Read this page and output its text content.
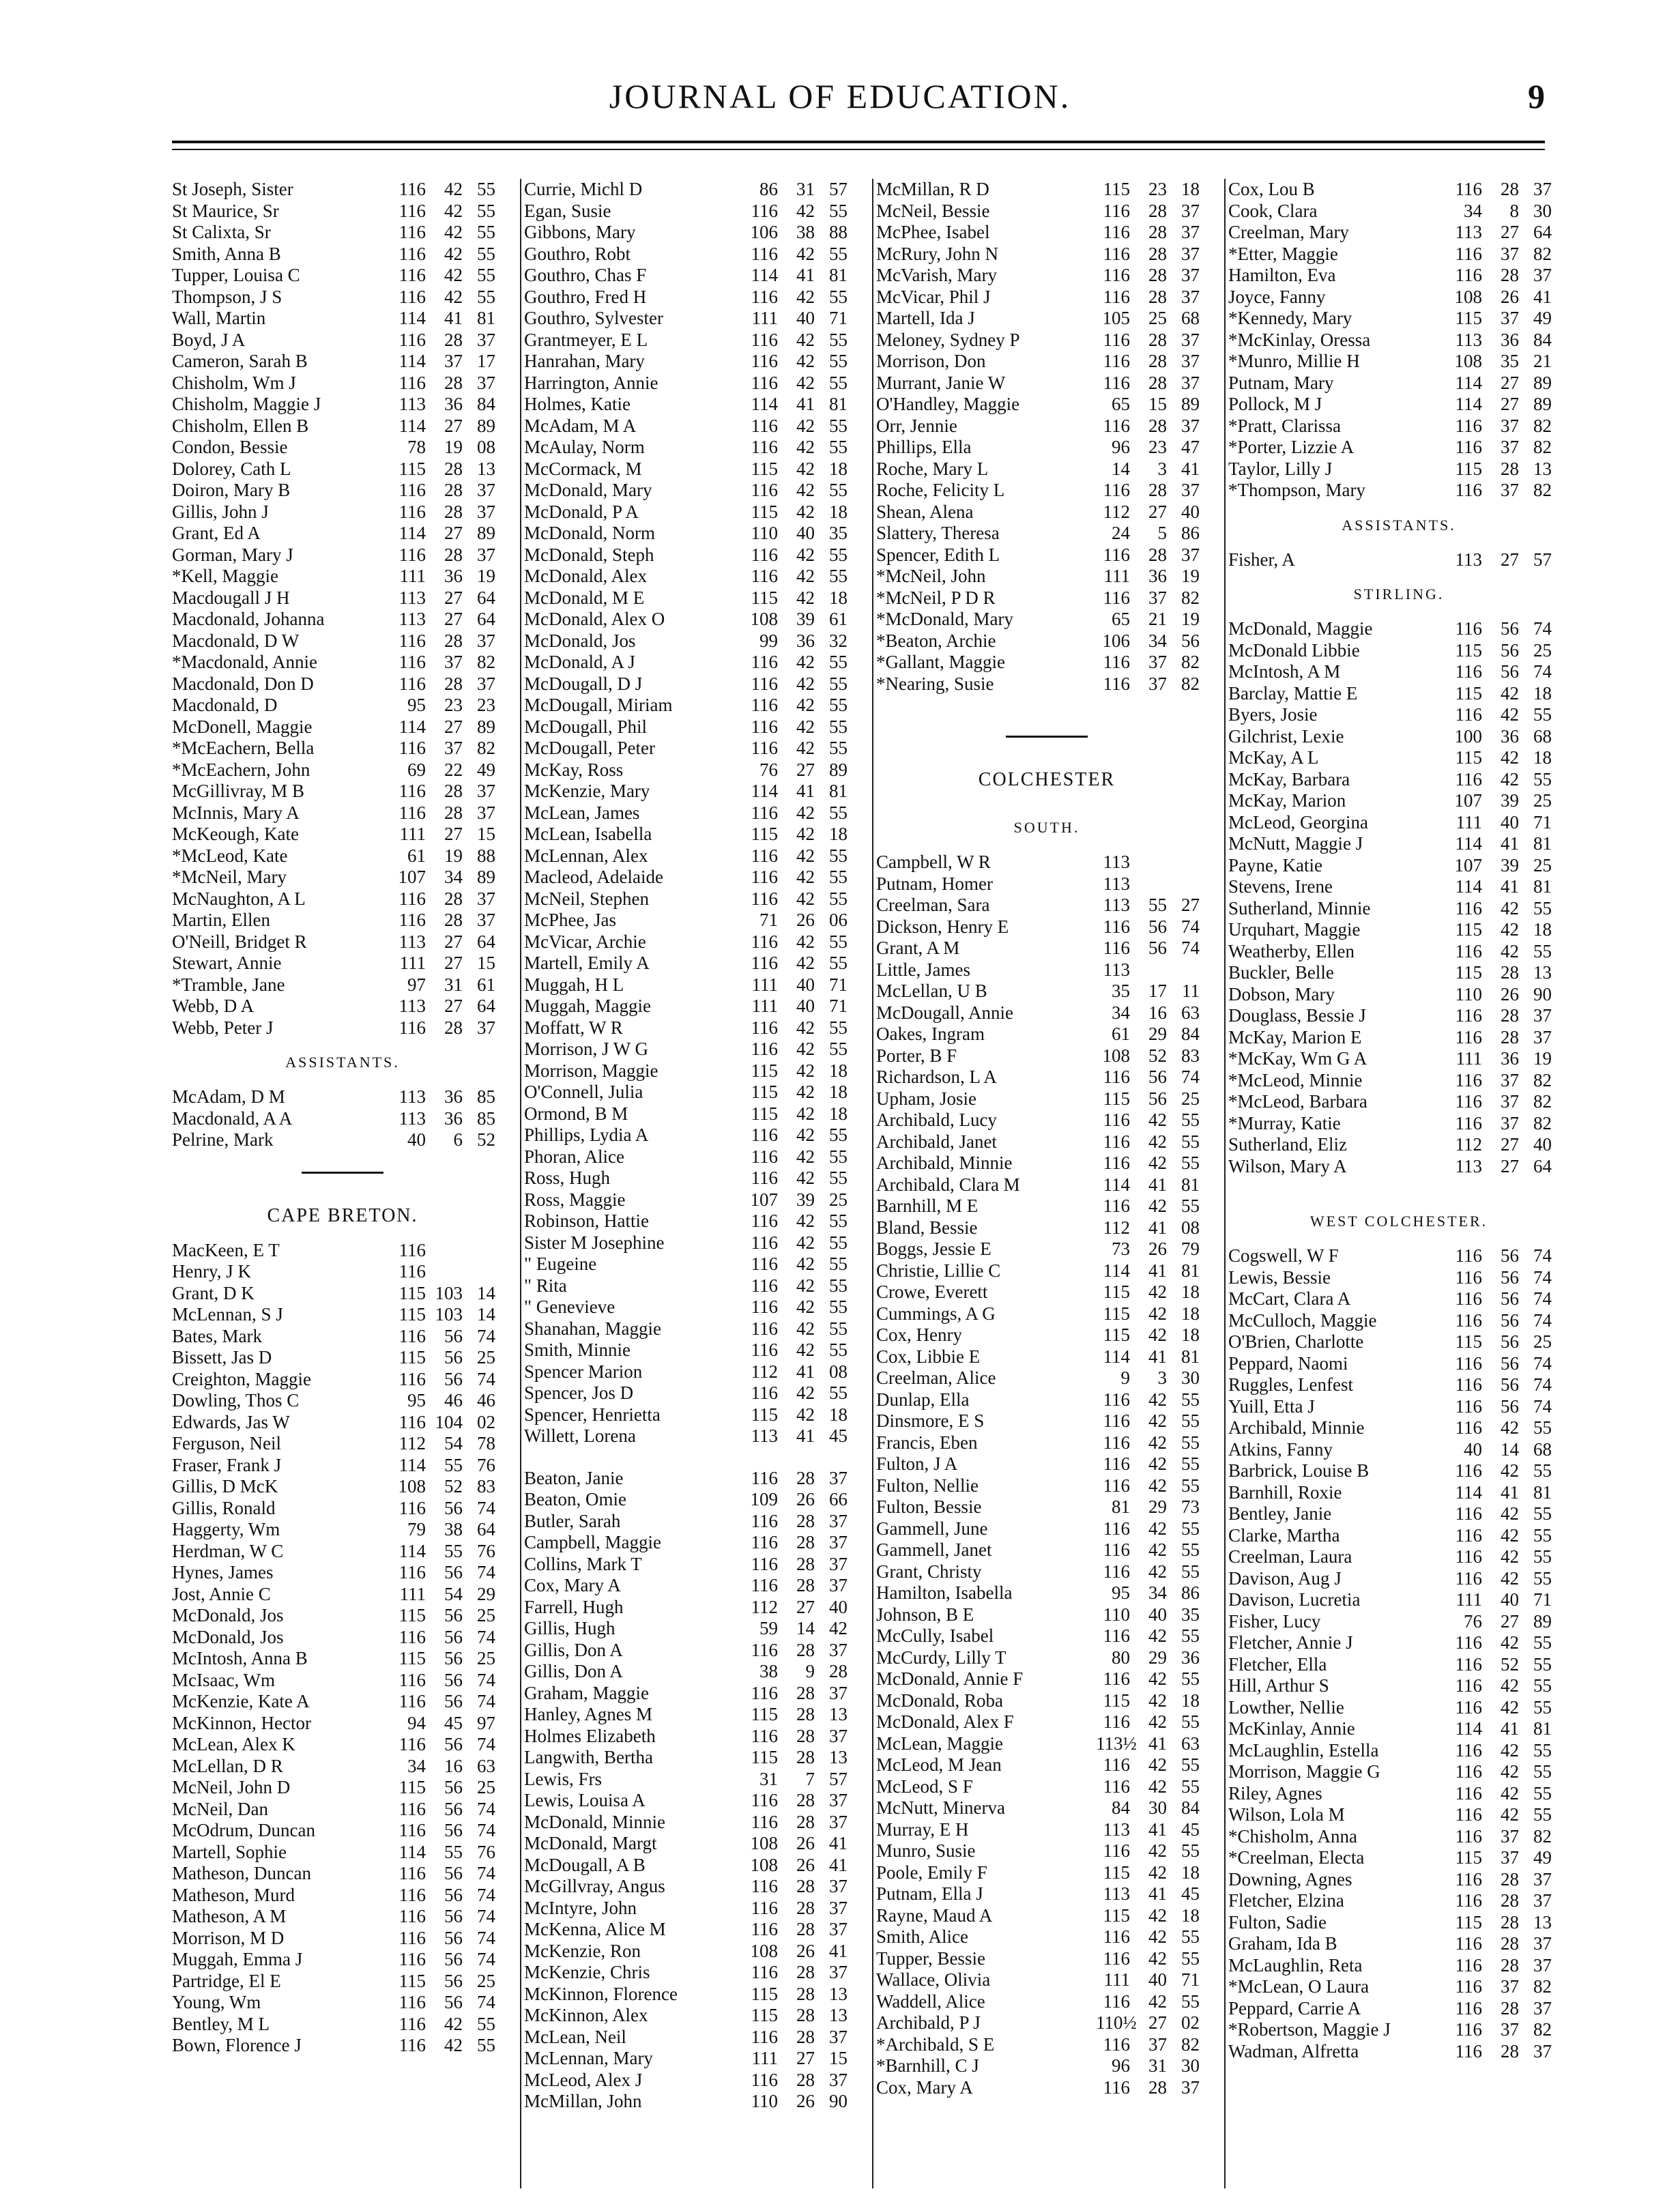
JOURNAL OF EDUCATION.	9
St Joseph, Sister	116	42 55
St Maurice, Sr	116	42 55
St Calixta, Sr	116	42 55
Smith, Anna B	116	42 55
Tupper, Louisa C	116	42 55
Thompson, J S	116	42 55
Wall, Martin	114	41 81
Boyd, J A	116	28 37
Cameron, Sarah B	114	37 17
Chisholm, Wm J	116	28 37
Chisholm, Maggie J	113	36 84
Chisholm, Ellen B	114	27 89
Condon, Bessie	78	19 08
Dolorey, Cath L	115	28 13
Doiron, Mary B	116	28 37
Gillis, John J	116	28 37
Grant, Ed A	114	27 89
Gorman, Mary J	116	28 37
*Kell, Maggie	111	36 19
Macdougall J H	113	27 64
Macdonald, Johanna	113	27 64
Macdonald, D W	116	28 37
*Macdonald, Annie	116	37 82
Macdonald, Don D	116	28 37
Macdonald, D	95	23 23
McDonell, Maggie	114	27 89
*McEachern, Bella	116	37 82
*McEachern, John	69	22 49
McGillivray, M B	116	28 37
McInnis, Mary A	116	28 37
McKeough, Kate	111	27 15
*McLeod, Kate	61	19 88
*McNeil, Mary	107	34 89
McNaughton, A L	116	28 37
Martin, Ellen	116	28 37
O'Neill, Bridget R	113	27 64
Stewart, Annie	111	27 15
*Tramble, Jane	97	31 61
Webb, D A	113	27 64
Webb, Peter J	116	28 37
ASSISTANTS.
McAdam, D M	113	36 85
Macdonald, A A	113	36 85
Pelrine, Mark	40	6 52
CAPE BRETON.
MacKeen, E T	116
Henry, J K	116
Grant, D K	115 103 14
McLennan, S J	115 103 14
Bates, Mark	116	56 74
Bissett, Jas D	115	56 25
Creighton, Maggie	116	56 74
Dowling, Thos C	95	46 46
Edwards, Jas W	116 104 02
Ferguson, Neil	112	54 78
Fraser, Frank J	114	55 76
Gillis, D McK	108	52 83
Gillis, Ronald	116	56 74
Haggerty, Wm	79	38 64
Herdman, W C	114	55 76
Hynes, James	116	56 74
Jost, Annie C	111	54 29
McDonald, Jos	115	56 25
McDonald, Jos	116	56 74
McIntosh, Anna B	115	56 25
McIsaac, Wm	116	56 74
McKenzie, Kate A	116	56 74
McKinnon, Hector	94	45 97
McLean, Alex K	116	56 74
McLellan, D R	34	16 63
McNeil, John D	115	56 25
McNeil, Dan	116	56 74
McOdrum, Duncan	116	56 74
Martell, Sophie	114	55 76
Matheson, Duncan	116	56 74
Matheson, Murd	116	56 74
Matheson, A M	116	56 74
Morrison, M D	116	56 74
Muggah, Emma J	116	56 74
Partridge, El E	115	56 25
Young, Wm	116	56 74
Bentley, M L	116	42 55
Bown, Florence J	116	42 55
Currie, Michl D	86	31 57
Egan, Susie	116	42 55
Gibbons, Mary	106	38 88
Gouthro, Robt	116	42 55
Gouthro, Chas F	114	41 81
Gouthro, Fred H	116	42 55
Gouthro, Sylvester	111	40 71
Grantmeyer, E L	116	42 55
Hanrahan, Mary	116	42 55
Harrington, Annie	116	42 55
Holmes, Katie	114	41 81
McAdam, M A	116	42 55
McAulay, Norm	116	42 55
McCormack, M	115	42 18
McDonald, Mary	116	42 55
McDonald, P A	115	42 18
McDonald, Norm	110	40 35
McDonald, Steph	116	42 55
McDonald, Alex	116	42 55
McDonald, M E	115	42 18
McDonald, Alex O	108	39 61
McDonald, Jos	99	36 32
McDonald, A J	116	42 55
McDougall, D J	116	42 55
McDougall, Miriam	116	42 55
McDougall, Phil	116	42 55
McDougall, Peter	116	42 55
McKay, Ross	76	27 89
McKenzie, Mary	114	41 81
McLean, James	116	42 55
McLean, Isabella	115	42 18
McLennan, Alex	116	42 55
Macleod, Adelaide	116	42 55
McNeil, Stephen	116	42 55
McPhee, Jas	71	26 06
McVicar, Archie	116	42 55
Martell, Emily A	116	42 55
Muggah, H L	111	40 71
Muggah, Maggie	111	40 71
Moffatt, W R	116	42 55
Morrison, J W G	116	42 55
Morrison, Maggie	115	42 18
O'Connell, Julia	115	42 18
Ormond, B M	115	42 18
Phillips, Lydia A	116	42 55
Phoran, Alice	116	42 55
Ross, Hugh	116	42 55
Ross, Maggie	107	39 25
Robinson, Hattie	116	42 55
Sister M Josephine	116	42 55
" Eugeine	116	42 55
" Rita	116	42 55
" Genevieve	116	42 55
Shanahan, Maggie	116	42 55
Smith, Minnie	116	42 55
Spencer Marion	112	41 08
Spencer, Jos D	116	42 55
Spencer, Henrietta	115	42 18
Willett, Lorena	113	41 45
Beaton, Janie	116	28 37
Beaton, Omie	109	26 66
Butler, Sarah	116	28 37
Campbell, Maggie	116	28 37
Collins, Mark T	116	28 37
Cox, Mary A	116	28 37
Farrell, Hugh	112	27 40
Gillis, Hugh	59	14 42
Gillis, Don A	116	28 37
Gillis, Don A	38	9 28
Graham, Maggie	116	28 37
Hanley, Agnes M	115	28 13
Holmes Elizabeth	116	28 37
Langwith, Bertha	115	28 13
Lewis, Frs	31	7 57
Lewis, Louisa A	116	28 37
McDonald, Minnie	116	28 37
McDonald, Margt	108	26 41
McDougall, A B	108	26 41
McGillvray, Angus	116	28 37
McIntyre, John	116	28 37
McKenna, Alice M	116	28 37
McKenzie, Ron	108	26 41
McKenzie, Chris	116	28 37
McKinnon, Florence	115	28 13
McKinnon, Alex	115	28 13
McLean, Neil	116	28 37
McLennan, Mary	111	27 15
McLeod, Alex J	116	28 37
McMillan, John	110	26 90
McMillan, R D	115	23 18
McNeil, Bessie	116	28 37
McPhee, Isabel	116	28 37
McRury, John N	116	28 37
McVarish, Mary	116	28 37
McVicar, Phil J	116	28 37
Martell, Ida J	105	25 68
Meloney, Sydney P	116	28 37
Morrison, Don	116	28 37
Murrant, Janie W	116	28 37
O'Handley, Maggie	65	15 89
Orr, Jennie	116	28 37
Phillips, Ella	96	23 47
Roche, Mary L	14	3 41
Roche, Felicity L	116	28 37
Shean, Alena	112	27 40
Slattery, Theresa	24	5 86
Spencer, Edith L	116	28 37
*McNeil, John	111	36 19
*McNeil, P D R	116	37 82
*McDonald, Mary	65	21 19
*Beaton, Archie	106	34 56
*Gallant, Maggie	116	37 82
*Nearing, Susie	116	37 82
COLCHESTER
SOUTH.
Campbell, W R	113
Putnam, Homer	113
Creelman, Sara	113	55 27
Dickson, Henry E	116	56 74
Grant, A M	116	56 74
Little, James	113
McLellan, U B	35	17 11
McDougall, Annie	34	16 63
Oakes, Ingram	61	29 84
Porter, B F	108	52 83
Richardson, L A	116	56 74
Upham, Josie	115	56 25
Archibald, Lucy	116	42 55
Archibald, Janet	116	42 55
Archibald, Minnie	116	42 55
Archibald, Clara M	114	41 81
Barnhill, M E	116	42 55
Bland, Bessie	112	41 08
Boggs, Jessie E	73	26 79
Christie, Lillie C	114	41 81
Crowe, Everett	115	42 18
Cummings, A G	115	42 18
Cox, Henry	115	42 18
Cox, Libbie E	114	41 81
Creelman, Alice	9	3 30
Dunlap, Ella	116	42 55
Dinsmore, E S	116	42 55
Francis, Eben	116	42 55
Fulton, J A	116	42 55
Fulton, Nellie	116	42 55
Fulton, Bessie	81	29 73
Gammell, June	116	42 55
Gammell, Janet	116	42 55
Grant, Christy	116	42 55
Hamilton, Isabella	95	34 86
Johnson, B E	110	40 35
McCully, Isabel	116	42 55
McCurdy, Lilly T	80	29 36
McDonald, Annie F	116	42 55
McDonald, Roba	115	42 18
McDonald, Alex F	116	42 55
McLean, Maggie	113½ 41 63
McLeod, M Jean	116	42 55
McLeod, S F	116	42 55
McNutt, Minerva	84	30 84
Murray, E H	113	41 45
Munro, Susie	116	42 55
Poole, Emily F	115	42 18
Putnam, Ella J	113	41 45
Rayne, Maud A	115	42 18
Smith, Alice	116	42 55
Tupper, Bessie	116	42 55
Wallace, Olivia	111	40 71
Waddell, Alice	116	42 55
Archibald, P J	110½ 27 02
*Archibald, S E	116	37 82
*Barnhill, C J	96	31 30
Cox, Mary A	116	28 37
Cox, Lou B	116	28 37
Cook, Clara	34	8 30
Creelman, Mary	113	27 64
*Etter, Maggie	116	37 82
Hamilton, Eva	116	28 37
Joyce, Fanny	108	26 41
*Kennedy, Mary	115	37 49
*McKinlay, Oressa	113	36 84
*Munro, Millie H	108	35 21
Putnam, Mary	114	27 89
Pollock, M J	114	27 89
*Pratt, Clarissa	116	37 82
*Porter, Lizzie A	116	37 82
Taylor, Lilly J	115	28 13
*Thompson, Mary	116	37 82
ASSISTANTS.
Fisher, A	113	27 57
STIRLING.
McDonald, Maggie	116	56 74
McDonald Libbie	115	56 25
McIntosh, A M	116	56 74
Barclay, Mattie E	115	42 18
Byers, Josie	116	42 55
Gilchrist, Lexie	100	36 68
McKay, A L	115	42 18
McKay, Barbara	116	42 55
McKay, Marion	107	39 25
McLeod, Georgina	111	40 71
McNutt, Maggie J	114	41 81
Payne, Katie	107	39 25
Stevens, Irene	114	41 81
Sutherland, Minnie	116	42 55
Urquhart, Maggie	115	42 18
Weatherby, Ellen	116	42 55
Buckler, Belle	115	28 13
Dobson, Mary	110	26 90
Douglass, Bessie J	116	28 37
McKay, Marion E	116	28 37
*McKay, Wm G A	111	36 19
*McLeod, Minnie	116	37 82
*McLeod, Barbara	116	37 82
*Murray, Katie	116	37 82
Sutherland, Eliz	112	27 40
Wilson, Mary A	113	27 64
WEST COLCHESTER.
Cogswell, W F	116	56 74
Lewis, Bessie	116	56 74
McCart, Clara A	116	56 74
McCulloch, Maggie	116	56 74
O'Brien, Charlotte	115	56 25
Peppard, Naomi	116	56 74
Ruggles, Lenfest	116	56 74
Yuill, Etta J	116	56 74
Archibald, Minnie	116	42 55
Atkins, Fanny	40	14 68
Barbrick, Louise B	116	42 55
Barnhill, Roxie	114	41 81
Bentley, Janie	116	42 55
Clarke, Martha	116	42 55
Creelman, Laura	116	42 55
Davison, Aug J	116	42 55
Davison, Lucretia	111	40 71
Fisher, Lucy	76	27 89
Fletcher, Annie J	116	42 55
Fletcher, Ella	116	52 55
Hill, Arthur S	116	42 55
Lowther, Nellie	116	42 55
McKinlay, Annie	114	41 81
McLaughlin, Estella	116	42 55
Morrison, Maggie G	116	42 55
Riley, Agnes	116	42 55
Wilson, Lola M	116	42 55
*Chisholm, Anna	116	37 82
*Creelman, Electa	115	37 49
Downing, Agnes	116	28 37
Fletcher, Elzina	116	28 37
Fulton, Sadie	115	28 13
Graham, Ida B	116	28 37
McLaughlin, Reta	116	28 37
*McLean, O Laura	116	37 82
Peppard, Carrie A	116	28 37
*Robertson, Maggie J	116	37 82
Wadman, Alfretta	116	28 37
